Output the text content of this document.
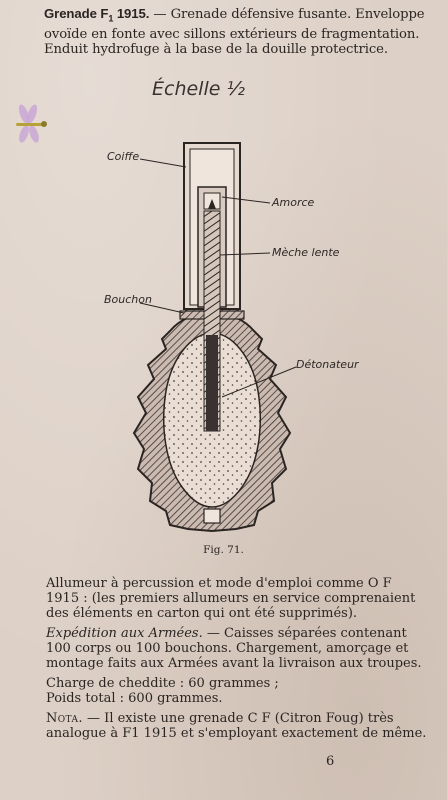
Grenade $F_1$ 1915. — Grenade défensive fusante. Enveloppe ovoïde en fonte avec sillons extérieurs de fragmentation. Enduit hydrofuge à la base de la douille protectrice.
Échelle ½
Coiffe
Amorce
Mèche lente
Bouchon
Détonateur
Fig. 71.

Allumeur à percussion et mode d'emploi comme O F 1915 : (les premiers allumeurs en service comprenaient des éléments en carton qui ont été supprimés).

Expédition aux Armées. — Caisses séparées contenant 100 corps ou 100 bouchons. Chargement, amorçage et montage faits aux Armées avant la livraison aux troupes.

Charge de cheddite : 60 grammes ;

Poids total : 600 grammes.

Nota. — Il existe une grenade C F (Citron Foug) très analogue à F1 1915 et s'employant exactement de même.

6
